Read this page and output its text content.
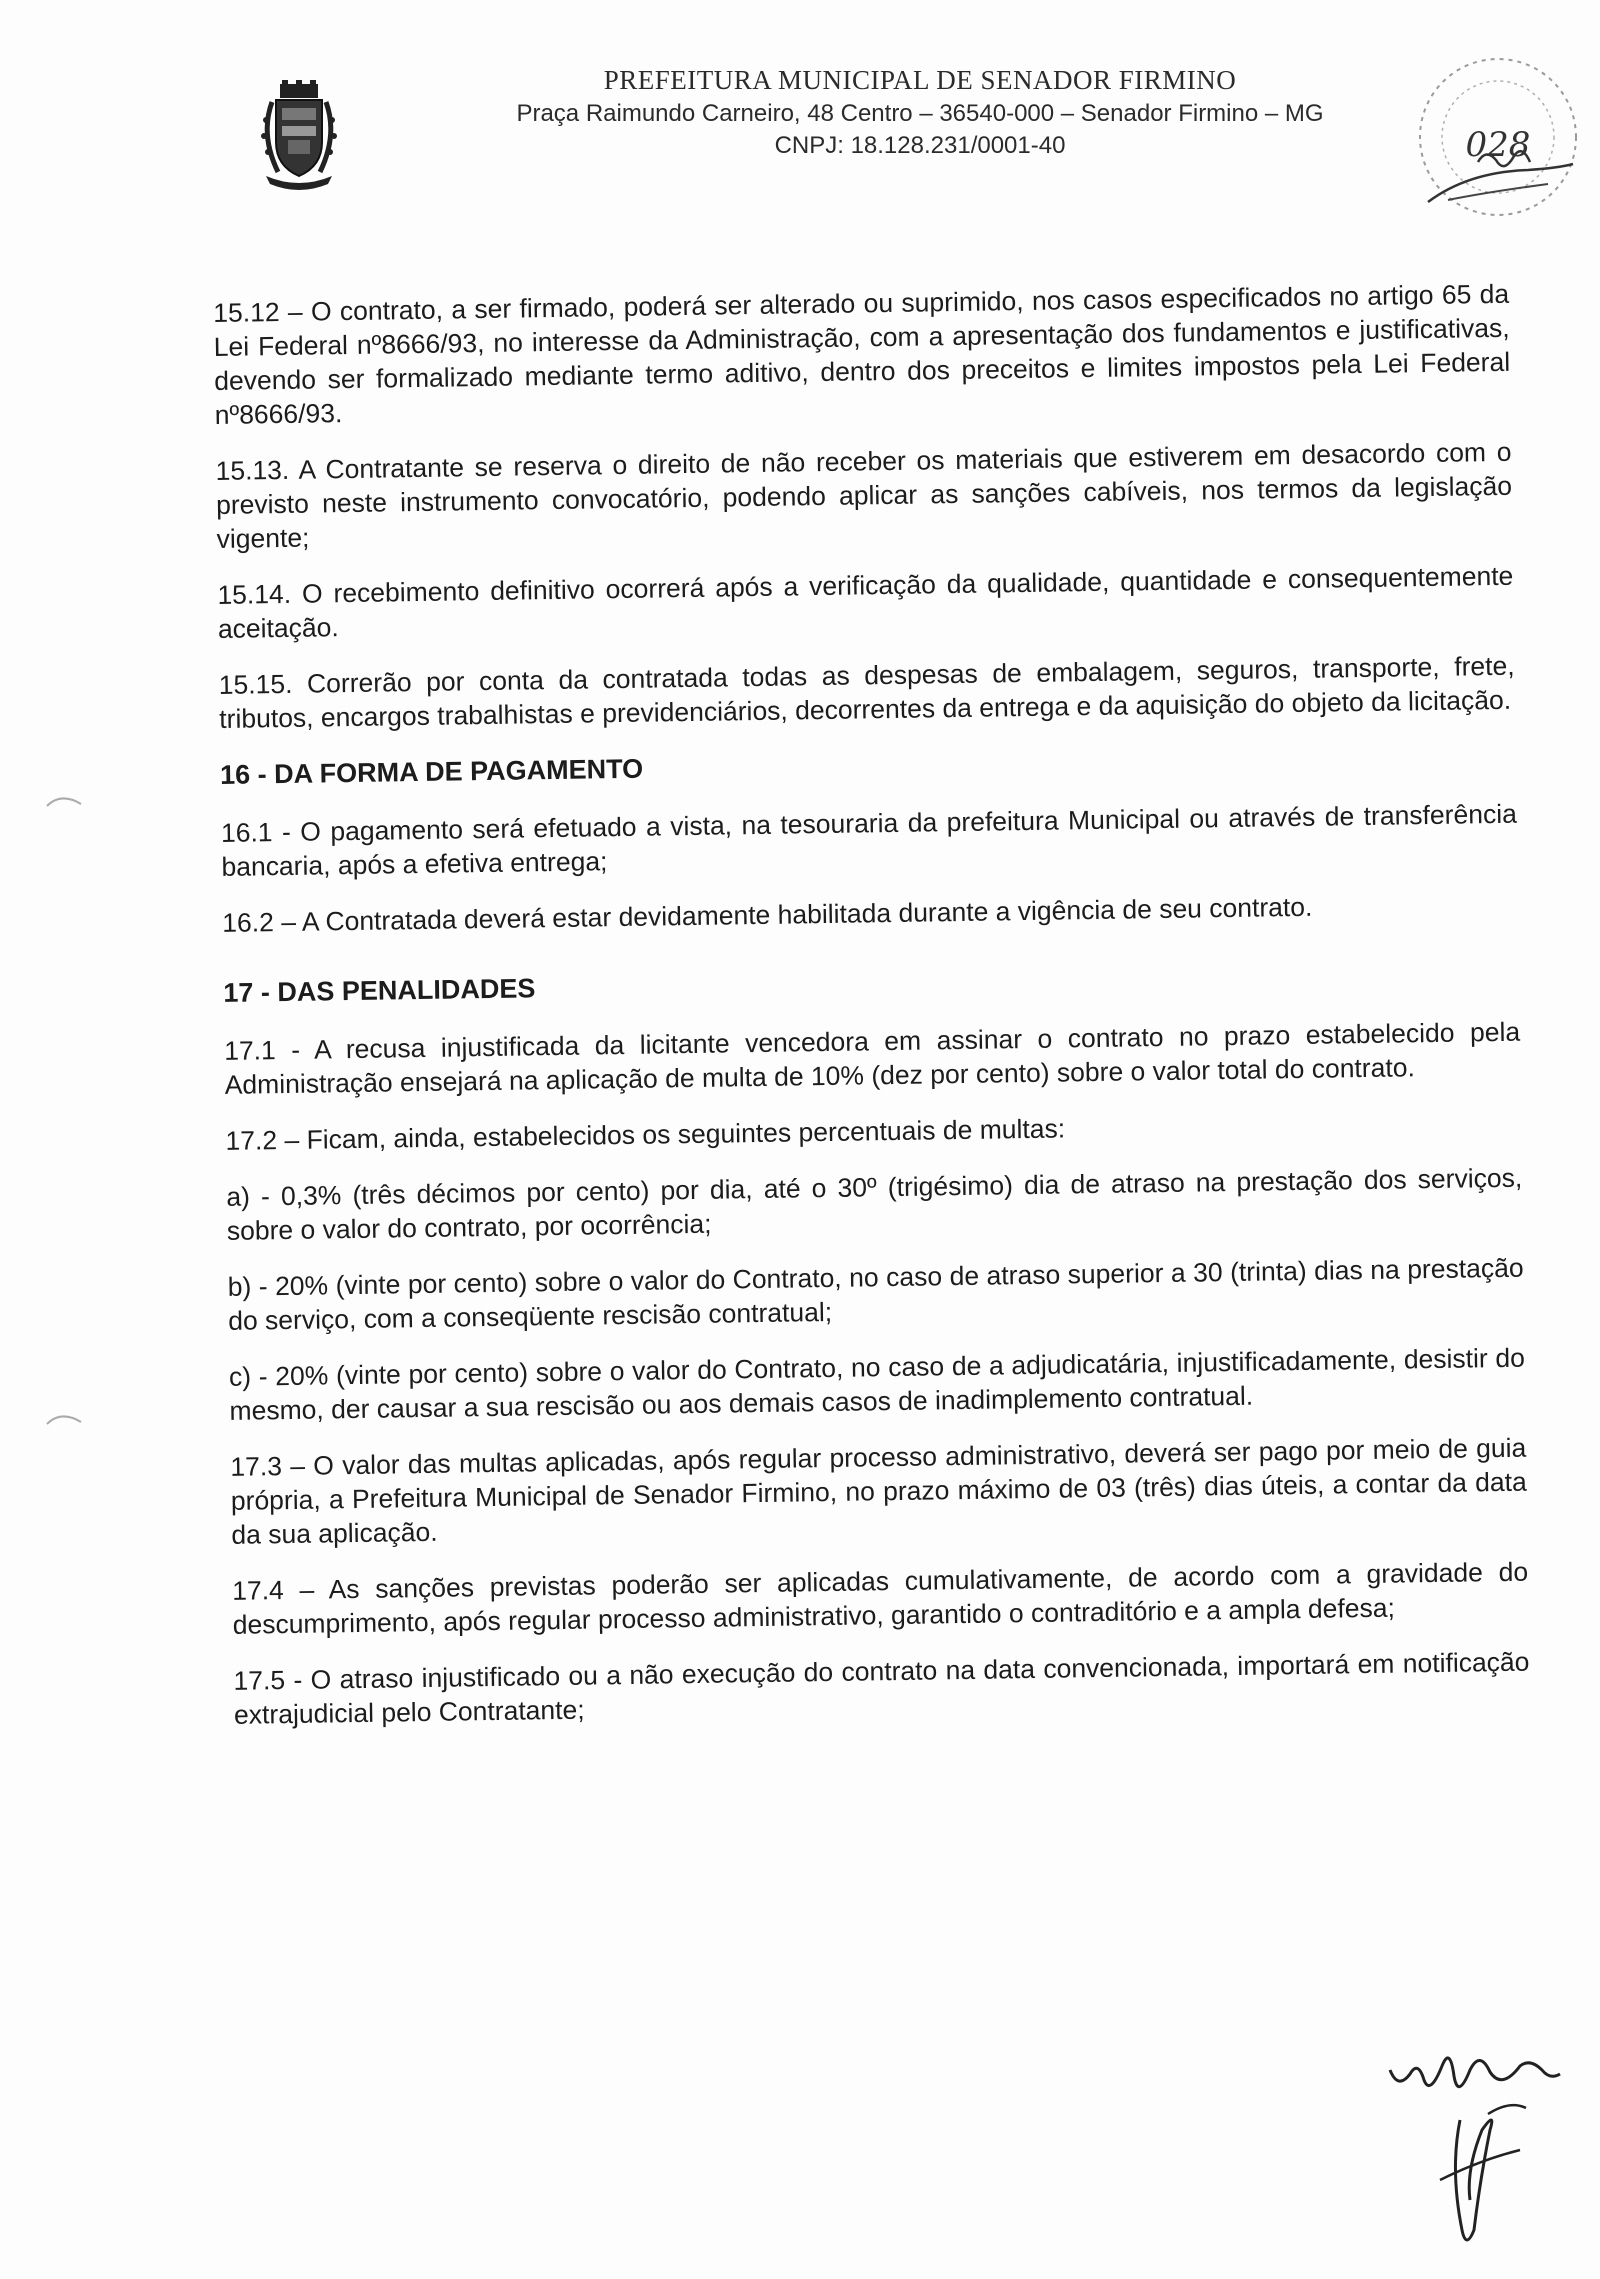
PREFEITURA MUNICIPAL DE SENADOR FIRMINO
Praça Raimundo Carneiro, 48 Centro – 36540-000 – Senador Firmino – MG
CNPJ: 18.128.231/0001-40	028

15.12 – O contrato, a ser firmado, poderá ser alterado ou suprimido, nos casos especificados no artigo 65 da Lei Federal nº8666/93, no interesse da Administração, com a apresentação dos fundamentos e justificativas, devendo ser formalizado mediante termo aditivo, dentro dos preceitos e limites impostos pela Lei Federal nº8666/93.

15.13. A Contratante se reserva o direito de não receber os materiais que estiverem em desacordo com o previsto neste instrumento convocatório, podendo aplicar as sanções cabíveis, nos termos da legislação vigente;

15.14. O recebimento definitivo ocorrerá após a verificação da qualidade, quantidade e consequentemente aceitação.

15.15. Correrão por conta da contratada todas as despesas de embalagem, seguros, transporte, frete, tributos, encargos trabalhistas e previdenciários, decorrentes da entrega e da aquisição do objeto da licitação.

16 - DA FORMA DE PAGAMENTO

16.1 - O pagamento será efetuado a vista, na tesouraria da prefeitura Municipal ou através de transferência bancaria, após a efetiva entrega;

16.2 – A Contratada deverá estar devidamente habilitada durante a vigência de seu contrato.

17 - DAS PENALIDADES

17.1 - A recusa injustificada da licitante vencedora em assinar o contrato no prazo estabelecido pela Administração ensejará na aplicação de multa de 10% (dez por cento) sobre o valor total do contrato.

17.2 – Ficam, ainda, estabelecidos os seguintes percentuais de multas:

a) - 0,3% (três décimos por cento) por dia, até o 30º (trigésimo) dia de atraso na prestação dos serviços, sobre o valor do contrato, por ocorrência;

b) - 20% (vinte por cento) sobre o valor do Contrato, no caso de atraso superior a 30 (trinta) dias na prestação do serviço, com a conseqüente rescisão contratual;

c) - 20% (vinte por cento) sobre o valor do Contrato, no caso de a adjudicatária, injustificadamente, desistir do mesmo, der causar a sua rescisão ou aos demais casos de inadimplemento contratual.

17.3 – O valor das multas aplicadas, após regular processo administrativo, deverá ser pago por meio de guia própria, a Prefeitura Municipal de Senador Firmino, no prazo máximo de 03 (três) dias úteis, a contar da data da sua aplicação.

17.4 – As sanções previstas poderão ser aplicadas cumulativamente, de acordo com a gravidade do descumprimento, após regular processo administrativo, garantido o contraditório e a ampla defesa;

17.5 - O atraso injustificado ou a não execução do contrato na data convencionada, importará em notificação extrajudicial pelo Contratante;
